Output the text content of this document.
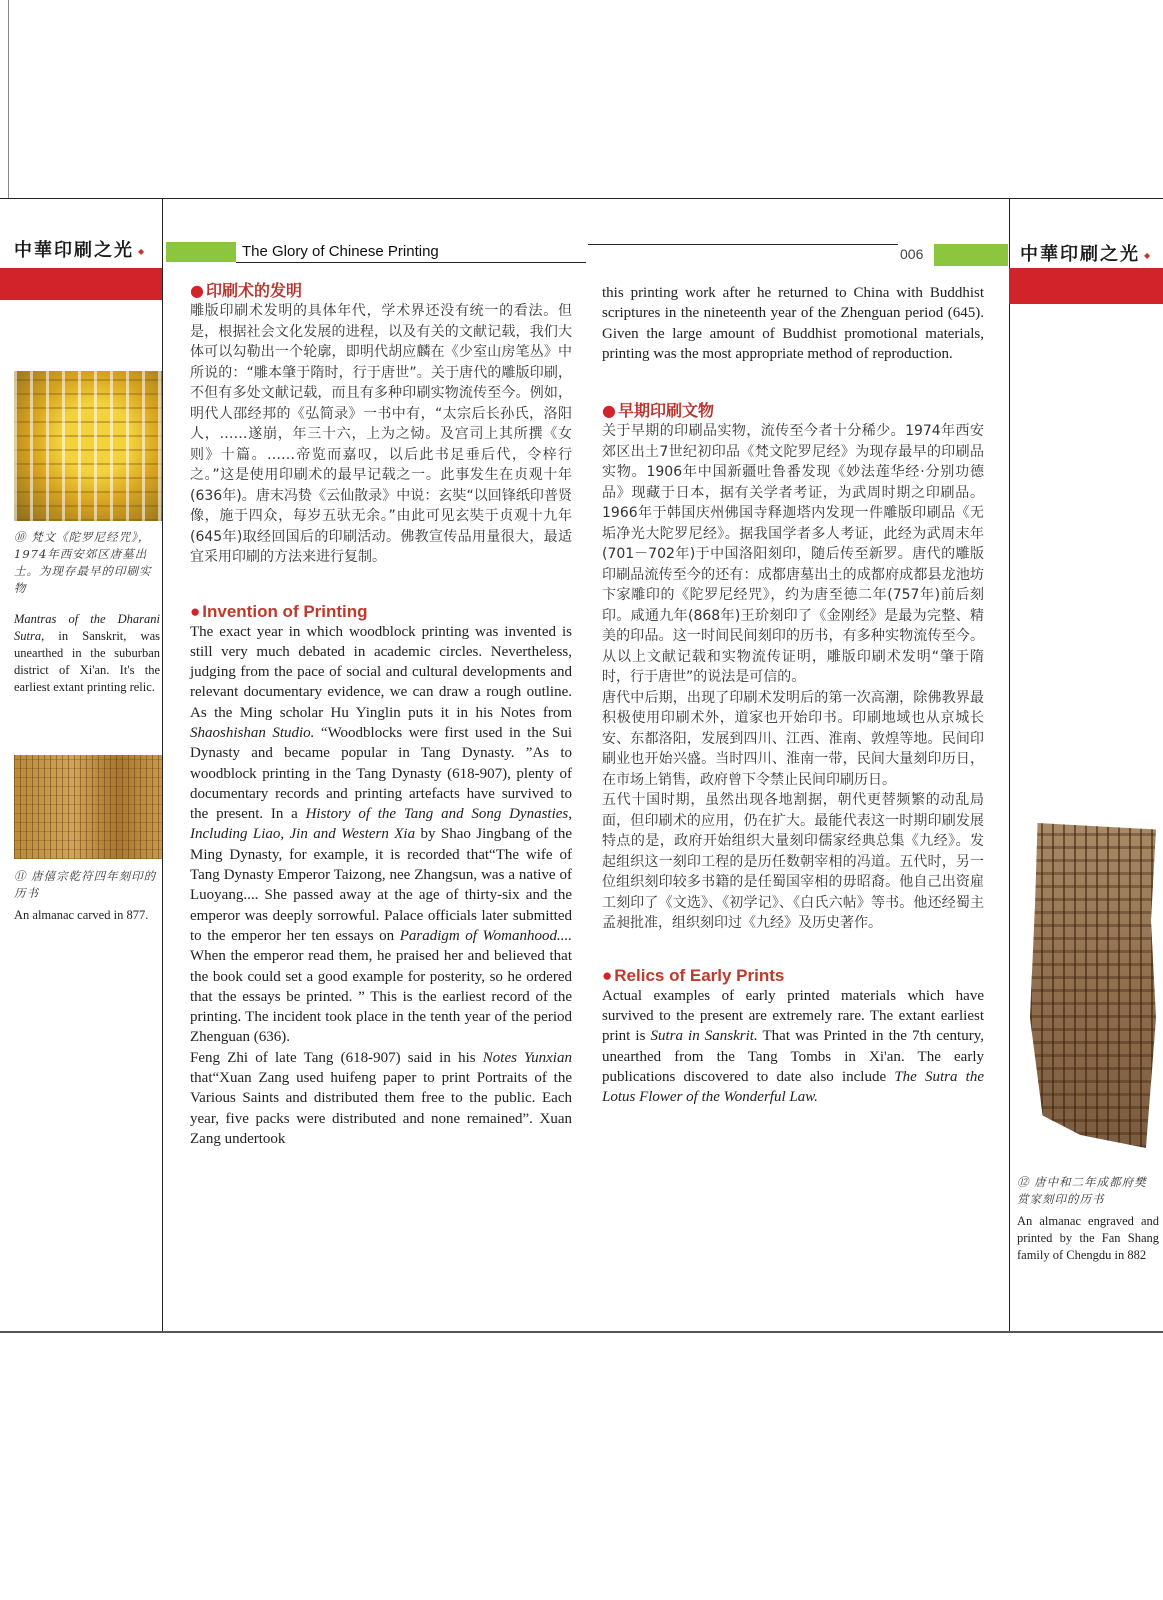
中華印刷之光 ◆	The Glory of Chinese Printing	006	中華印刷之光 ◆
⑩ 梵文《陀罗尼经咒》，1974年西安郊区唐墓出土。为现存最早的印刷实物
Mantras of the Dharani Sutra, in Sanskrit, was unearthed in the suburban district of Xi'an. It's the earliest extant printing relic.
⑪ 唐僖宗乾符四年刻印的历书
An almanac carved in 877.
● 印刷术的发明
雕版印刷术发明的具体年代，学术界还没有统一的看法。但是，根据社会文化发展的进程，以及有关的文献记载，我们大体可以勾勒出一个轮廓，即明代胡应麟在《少室山房笔丛》中所说的：“雕本肇于隋时，行于唐世”。关于唐代的雕版印刷，不但有多处文献记载，而且有多种印刷实物流传至今。例如，明代人邵经邦的《弘简录》一书中有，“太宗后长孙氏，洛阳人，……遂崩，年三十六，上为之恸。及宫司上其所撰《女则》十篇。……帝览而嘉叹，以后此书足垂后代，令梓行之。”这是使用印刷术的最早记载之一。此事发生在贞观十年(636年)。唐末冯贽《云仙散录》中说：玄奘“以回锋纸印普贤像，施于四众，每岁五驮无余。”由此可见玄奘于贞观十九年(645年)取经回国后的印刷活动。佛教宣传品用量很大，最适宜采用印刷的方法来进行复制。
● Invention of Printing
The exact year in which woodblock printing was invented is still very much debated in academic circles. Nevertheless, judging from the pace of social and cultural developments and relevant documentary evidence, we can draw a rough outline. As the Ming scholar Hu Yinglin puts it in his Notes from Shaoshishan Studio. “Woodblocks were first used in the Sui Dynasty and became popular in Tang Dynasty. ”As to woodblock printing in the Tang Dynasty (618-907), plenty of documentary records and printing artefacts have survived to the present. In a History of the Tang and Song Dynasties, Including Liao, Jin and Western Xia by Shao Jingbang of the Ming Dynasty, for example, it is recorded that“The wife of Tang Dynasty Emperor Taizong, nee Zhangsun, was a native of Luoyang.... She passed away at the age of thirty-six and the emperor was deeply sorrowful. Palace officials later submitted to the emperor her ten essays on Paradigm of Womanhood.... When the emperor read them, he praised her and believed that the book could set a good example for posterity, so he ordered that the essays be printed. ” This is the earliest record of the printing. The incident took place in the tenth year of the period Zhenguan (636).
Feng Zhi of late Tang (618-907) said in his Notes Yunxian that“Xuan Zang used huifeng paper to print Portraits of the Various Saints and distributed them free to the public. Each year, five packs were distributed and none remained”. Xuan Zang undertook
this printing work after he returned to China with Buddhist scriptures in the nineteenth year of the Zhenguan period (645). Given the large amount of Buddhist promotional materials, printing was the most appropriate method of reproduction.
● 早期印刷文物
关于早期的印刷品实物，流传至今者十分稀少。1974年西安郊区出土7世纪初印品《梵文陀罗尼经》为现存最早的印刷品实物。1906年中国新疆吐鲁番发现《妙法莲华经·分别功德品》现藏于日本，据有关学者考证，为武周时期之印刷品。1966年于韩国庆州佛国寺释迦塔内发现一件雕版印刷品《无垢净光大陀罗尼经》。据我国学者多人考证，此经为武周末年(701－702年)于中国洛阳刻印，随后传至新罗。唐代的雕版印刷品流传至今的还有：成都唐墓出土的成都府成都县龙池坊卞家雕印的《陀罗尼经咒》，约为唐至德二年(757年)前后刻印。咸通九年(868年)王玠刻印了《金刚经》是最为完整、精美的印品。这一时间民间刻印的历书，有多种实物流传至今。从以上文献记载和实物流传证明，雕版印刷术发明“肇于隋时，行于唐世”的说法是可信的。
唐代中后期，出现了印刷术发明后的第一次高潮，除佛教界最积极使用印刷术外，道家也开始印书。印刷地域也从京城长安、东都洛阳，发展到四川、江西、淮南、敦煌等地。民间印刷业也开始兴盛。当时四川、淮南一带，民间大量刻印历日，在市场上销售，政府曾下令禁止民间印刷历日。
五代十国时期，虽然出现各地割据，朝代更替频繁的动乱局面，但印刷术的应用，仍在扩大。最能代表这一时期印刷发展特点的是，政府开始组织大量刻印儒家经典总集《九经》。发起组织这一刻印工程的是历任数朝宰相的冯道。五代时，另一位组织刻印较多书籍的是任蜀国宰相的毋昭裔。他自己出资雇工刻印了《文选》、《初学记》、《白氏六帖》等书。他还经蜀主孟昶批准，组织刻印过《九经》及历史著作。
● Relics of Early Prints
Actual examples of early printed materials which have survived to the present are extremely rare. The extant earliest print is Sutra in Sanskrit. That was Printed in the 7th century, unearthed from the Tang Tombs in Xi'an. The early publications discovered to date also include The Sutra the Lotus Flower of the Wonderful Law.
⑫ 唐中和二年成都府樊赏家刻印的历书
An almanac engraved and printed by the Fan Shang family of Chengdu in 882
